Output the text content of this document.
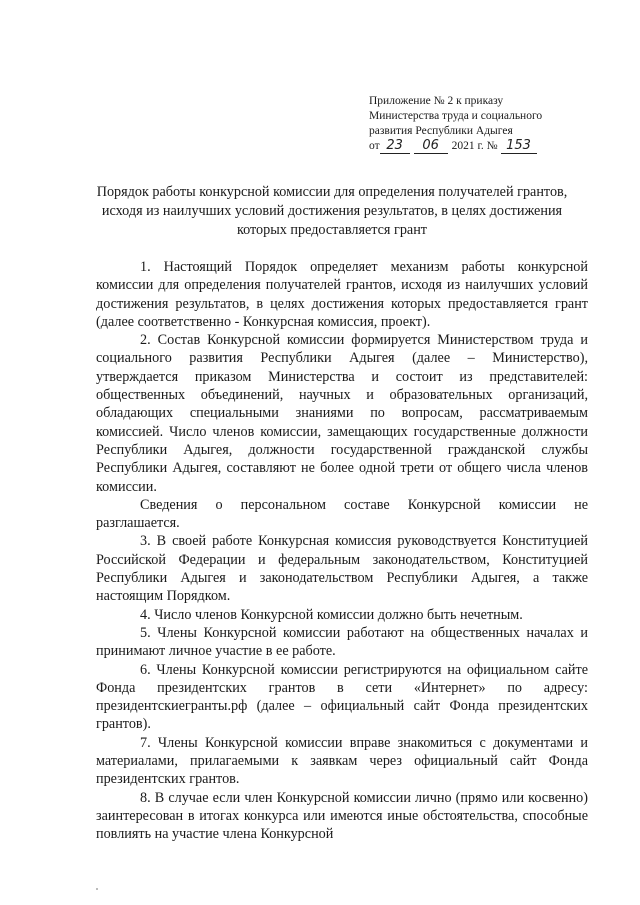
Приложение № 2 к приказу
Министерства труда и социального
развития Республики Адыгея
от 23 06 2021 г. № 153
Порядок работы конкурсной комиссии для определения получателей грантов, исходя из наилучших условий достижения результатов, в целях достижения которых предоставляется грант

1. Настоящий Порядок определяет механизм работы конкурсной комиссии для определения получателей грантов, исходя из наилучших условий достижения результатов, в целях достижения которых предоставляется грант (далее соответственно - Конкурсная комиссия, проект).

2. Состав Конкурсной комиссии формируется Министерством труда и социального развития Республики Адыгея (далее – Министерство), утверждается приказом Министерства и состоит из представителей: общественных объединений, научных и образовательных организаций, обладающих специальными знаниями по вопросам, рассматриваемым комиссией. Число членов комиссии, замещающих государственные должности Республики Адыгея, должности государственной гражданской службы Республики Адыгея, составляют не более одной трети от общего числа членов комиссии.

Сведения о персональном составе Конкурсной комиссии не разглашается.

3. В своей работе Конкурсная комиссия руководствуется Конституцией Российской Федерации и федеральным законодательством, Конституцией Республики Адыгея и законодательством Республики Адыгея, а также настоящим Порядком.

4. Число членов Конкурсной комиссии должно быть нечетным.

5. Члены Конкурсной комиссии работают на общественных началах и принимают личное участие в ее работе.

6. Члены Конкурсной комиссии регистрируются на официальном сайте Фонда президентских грантов в сети «Интернет» по адресу: президентскиегранты.рф (далее – официальный сайт Фонда президентских грантов).

7. Члены Конкурсной комиссии вправе знакомиться с документами и материалами, прилагаемыми к заявкам через официальный сайт Фонда президентских грантов.

8. В случае если член Конкурсной комиссии лично (прямо или косвенно) заинтересован в итогах конкурса или имеются иные обстоятельства, способные повлиять на участие члена Конкурсной
